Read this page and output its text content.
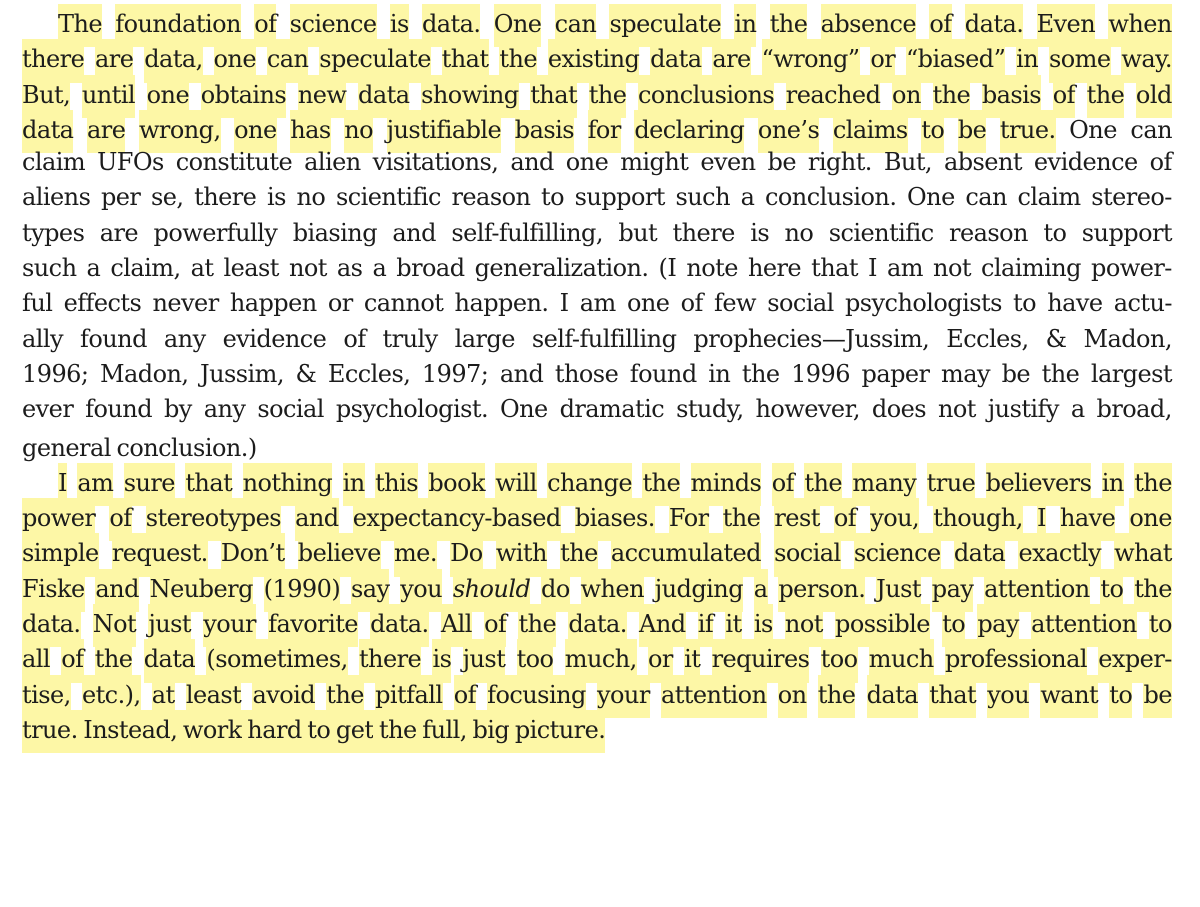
The foundation of science is data. One can speculate in the absence of data. Even when
there are data, one can speculate that the existing data are “wrong” or “biased” in some way.
But, until one obtains new data showing that the conclusions reached on the basis of the old
data are wrong, one has no justifiable basis for declaring one’s claims to be true. One can
claim UFOs constitute alien visitations, and one might even be right. But, absent evidence of
aliens per se, there is no scientific reason to support such a conclusion. One can claim stereo-
types are powerfully biasing and self-fulfilling, but there is no scientific reason to support
such a claim, at least not as a broad generalization. (I note here that I am not claiming power-
ful effects never happen or cannot happen. I am one of few social psychologists to have actu-
ally found any evidence of truly large self-fulfilling prophecies—Jussim, Eccles, & Madon,
1996; Madon, Jussim, & Eccles, 1997; and those found in the 1996 paper may be the largest
ever found by any social psychologist. One dramatic study, however, does not justify a broad,
general
conclusion.)
I am sure that nothing in this book will change the minds of the many true believers in the
power of stereotypes and expectancy-based biases. For the rest of you, though, I have one
simple request. Don’t believe me. Do with the accumulated social science data exactly what
Fiske and Neuberg (1990) say you should do when judging a person. Just pay attention to the
data. Not just your favorite data. All of the data. And if it is not possible to pay attention to
all of the data (sometimes, there is just too much, or it requires too much professional exper-
tise, etc.), at least avoid the pitfall of focusing your attention on the data that you want to be
true.
Instead,
work
hard
to
get
the
full,
big
picture.
